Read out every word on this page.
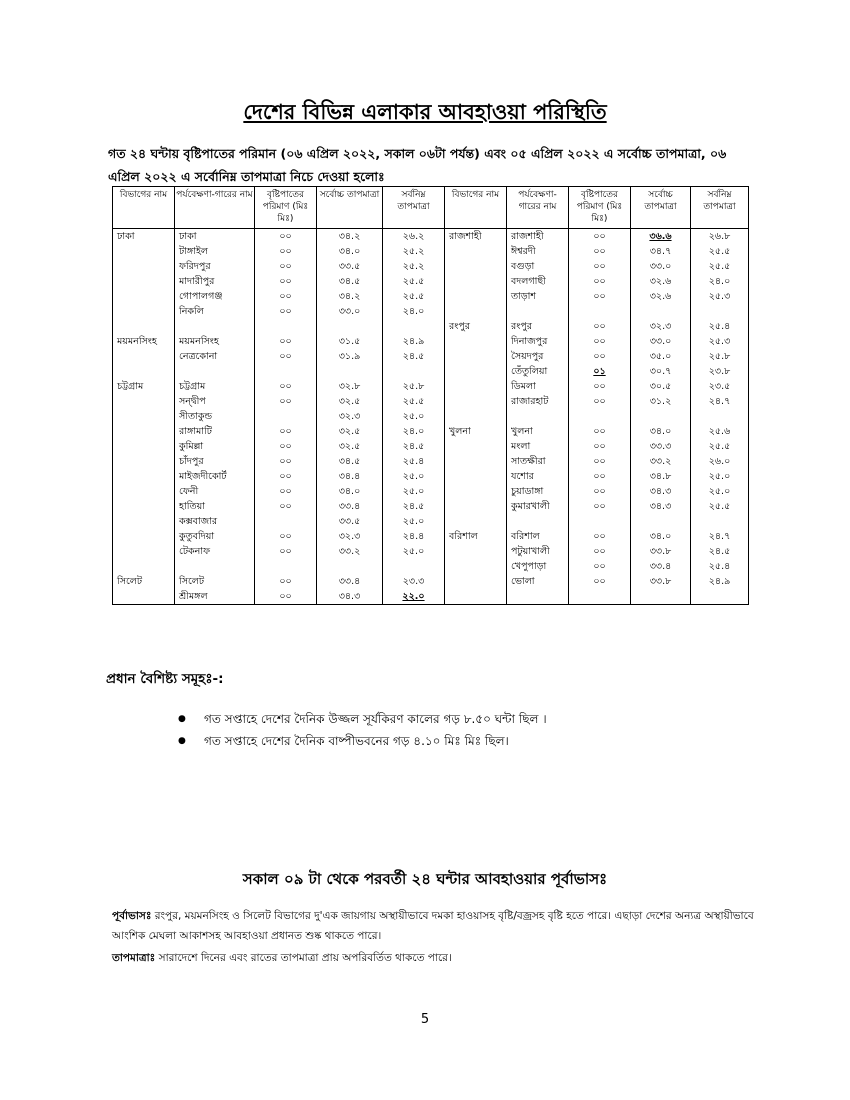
দেশের বিভিন্ন এলাকার আবহাওয়া পরিস্থিতি
গত ২৪ ঘন্টায় বৃষ্টিপাতের পরিমান (০৬ এপ্রিল ২০২২, সকাল ০৬টা পর্যন্ত) এবং ০৫ এপ্রিল ২০২২ এ সর্বোচ্চ তাপমাত্রা, ০৬ এপ্রিল ২০২২ এ সর্বোনিম্ন তাপমাত্রা নিচে দেওয়া হলোঃ
বিভাগের নাম	পর্যবেক্ষণা-গারের নাম	বৃষ্টিপাতের পরিমাণ (মিঃ মিঃ)	সর্বোচ্চ তাপমাত্রা	সর্বনিম্ন তাপমাত্রা	বিভাগের নাম	পর্যবেক্ষণা-গারের নাম	বৃষ্টিপাতের পরিমাণ (মিঃ মিঃ)	সর্বোচ্চ তাপমাত্রা	সর্বনিম্ন তাপমাত্রা
ঢাকা	ঢাকা	০০	৩৪.২	২৬.২	রাজশাহী	রাজশাহী	০০	৩৬.৬	২৬.৮
	টাঙ্গাইল	০০	৩৪.০	২৫.২		ঈশ্বরদী	০০	৩৪.৭	২৫.৫
	ফরিদপুর	০০	৩৩.৫	২৫.২		বগুড়া	০০	৩৩.০	২৫.৫
	মাদারীপুর	০০	৩৪.৫	২৫.৫		বদলগাছী	০০	৩২.৬	২৪.০
	গোপালগঞ্জ	০০	৩৪.২	২৫.৫		তাড়াশ	০০	৩২.৬	২৫.৩
	নিকলি	০০	৩৩.০	২৪.০					
					রংপুর	রংপুর	০০	৩২.৩	২৫.৪
ময়মনসিংহ	ময়মনসিংহ	০০	৩১.৫	২৪.৯		দিনাজপুর	০০	৩৩.০	২৫.৩
	নেত্রকোনা	০০	৩১.৯	২৪.৫		সৈয়দপুর	০০	৩৫.০	২৫.৮
						তেঁতুলিয়া	০১	৩০.৭	২৩.৮
চট্টগ্রাম	চট্টগ্রাম	০০	৩২.৮	২৫.৮		ডিমলা	০০	৩০.৫	২৩.৫
	সন্দ্বীপ	০০	৩২.৫	২৫.৫		রাজারহাট	০০	৩১.২	২৪.৭
	সীতাকুন্ড		৩২.৩	২৫.০					
	রাঙ্গামাটি	০০	৩২.৫	২৪.০	খুলনা	খুলনা	০০	৩৪.০	২৫.৬
	কুমিল্লা	০০	৩২.৫	২৪.৫		মংলা	০০	৩৩.৩	২৫.৫
	চাঁদপুর	০০	৩৪.৫	২৫.৪		সাতক্ষীরা	০০	৩৩.২	২৬.০
	মাইজদীকোর্ট	০০	৩৪.৪	২৫.০		যশোর	০০	৩৪.৮	২৫.০
	ফেনী	০০	৩৪.০	২৫.০		চুয়াডাঙ্গা	০০	৩৪.৩	২৫.০
	হাতিয়া	০০	৩৩.৪	২৪.৫		কুমারখালী	০০	৩৪.৩	২৫.৫
	কক্সবাজার		৩৩.৫	২৫.০					
	কুতুবদিয়া	০০	৩২.৩	২৪.৪	বরিশাল	বরিশাল	০০	৩৪.০	২৪.৭
	টেকনাফ	০০	৩৩.২	২৫.০		পটুয়াখালী	০০	৩৩.৮	২৪.৫
						খেপুপাড়া	০০	৩৩.৪	২৫.৪
সিলেট	সিলেট	০০	৩৩.৪	২৩.৩		ভোলা	০০	৩৩.৮	২৪.৯
	শ্রীমঙ্গল	০০	৩৪.৩	২২.০					
প্রধান বৈশিষ্ট্য সমূহঃ-:
● গত সপ্তাহে দেশের দৈনিক উজ্জল সূর্যকিরণ কালের গড় ৮.৫০ ঘন্টা ছিল ।
● গত সপ্তাহে দেশের দৈনিক বাষ্পীভবনের গড় ৪.১০ মিঃ মিঃ ছিল।
সকাল ০৯ টা থেকে পরবর্তী ২৪ ঘন্টার আবহাওয়ার পূর্বাভাসঃ
পূর্বাভাসঃ রংপুর, ময়মনসিংহ ও সিলেট বিভাগের দু'এক জায়গায় অস্থায়ীভাবে দমকা হাওয়াসহ বৃষ্টি/বজ্রসহ বৃষ্টি হতে পারে। এছাড়া দেশের অন্যত্র অস্থায়ীভাবে আংশিক মেঘলা আকাশসহ আবহাওয়া প্রধানত শুষ্ক থাকতে পারে।
তাপমাত্রাঃ সারাদেশে দিনের এবং রাতের তাপমাত্রা প্রায় অপরিবর্তিত থাকতে পারে।
5
